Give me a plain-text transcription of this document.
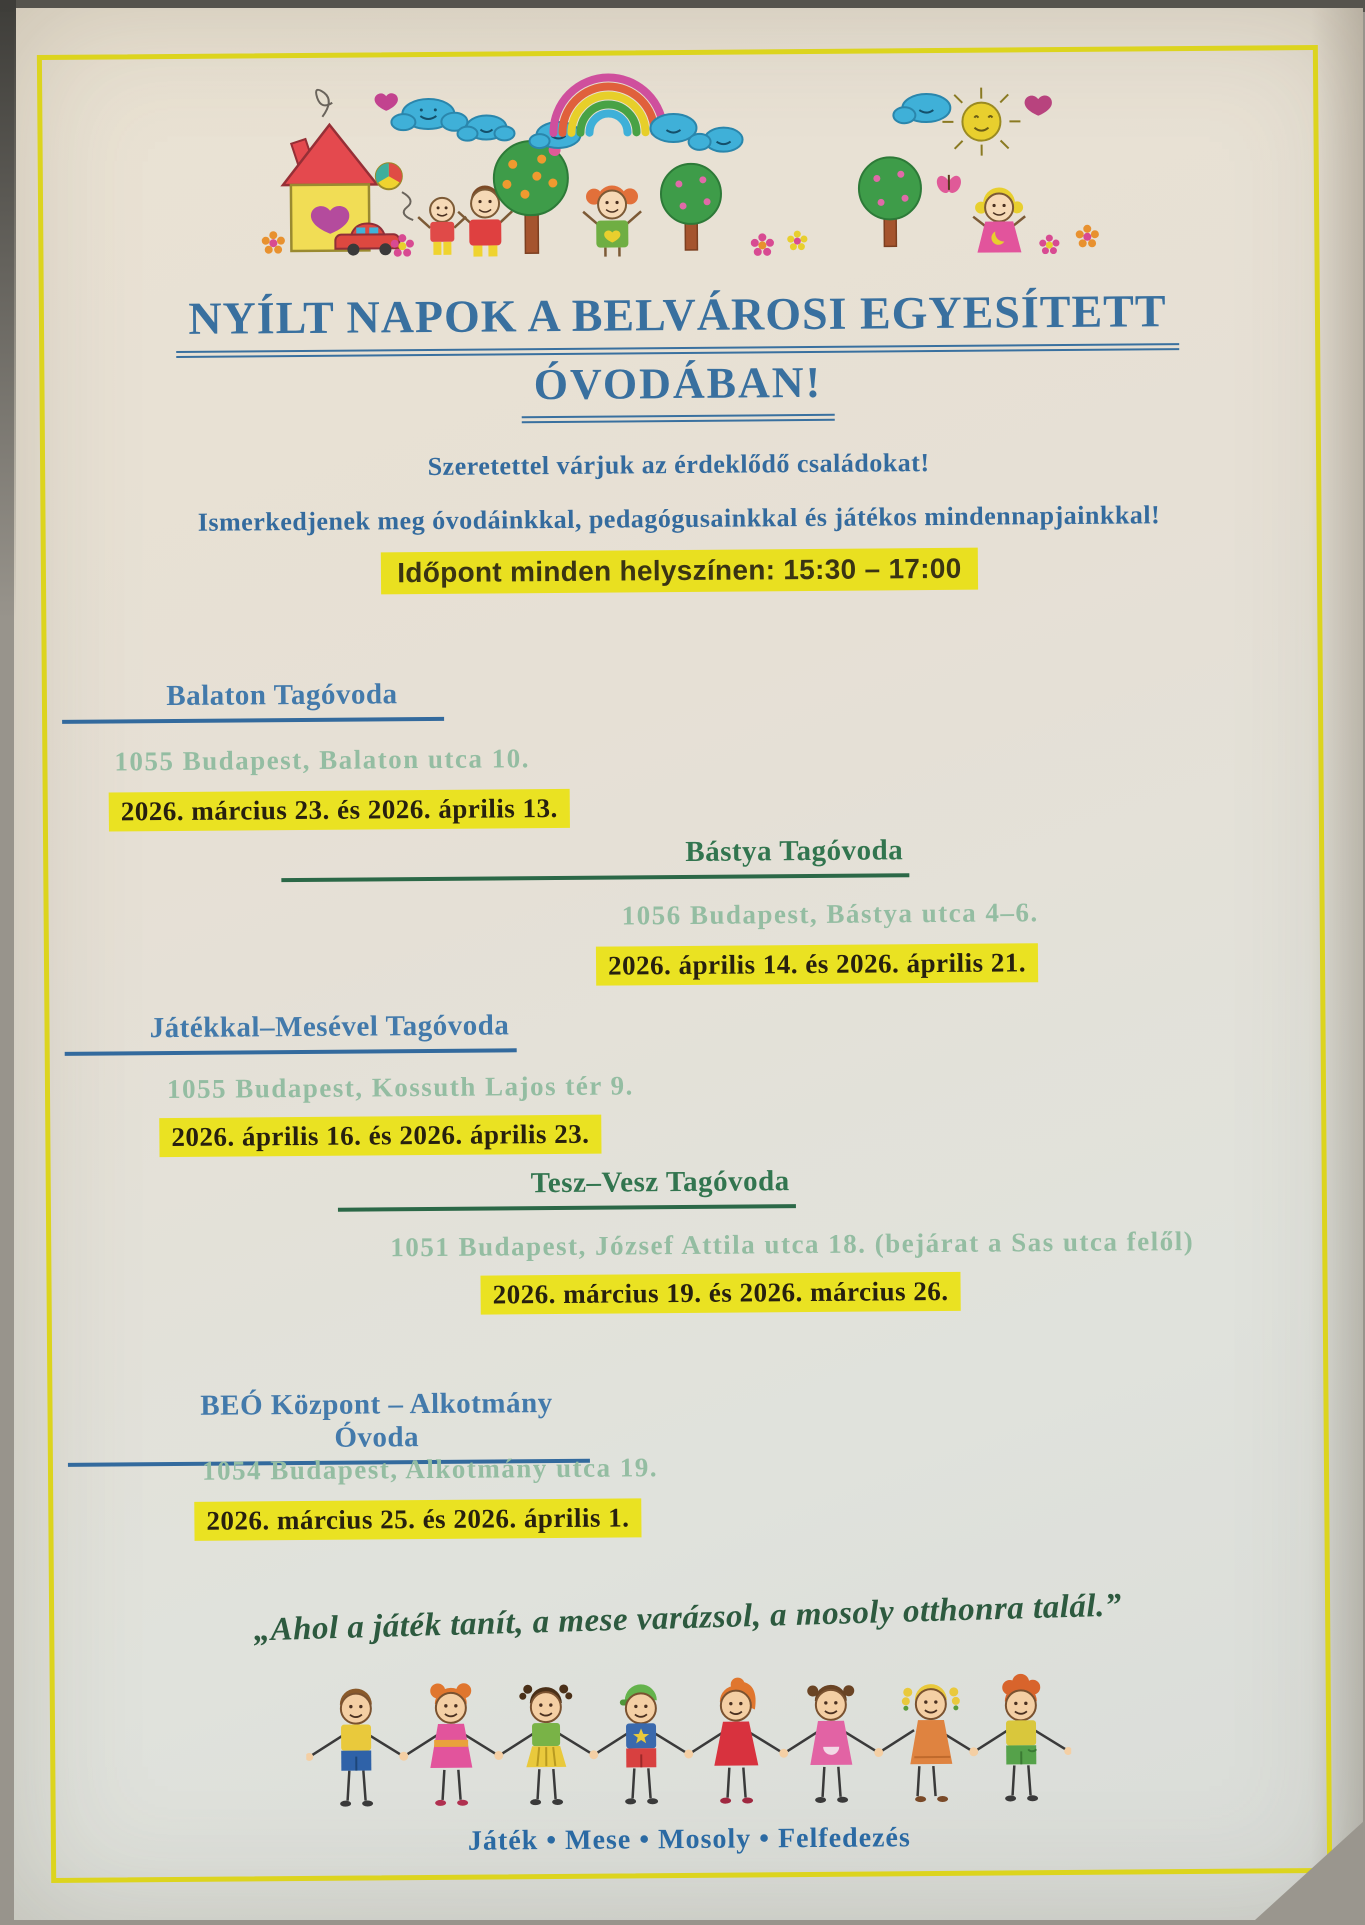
NYÍLT NAPOK A BELVÁROSI EGYESÍTETT
ÓVODÁBAN!
Szeretettel várjuk az érdeklődő családokat!
Ismerkedjenek meg óvodáinkkal, pedagógusainkkal és játékos mindennapjainkkal!
Időpont minden helyszínen: 15:30 – 17:00
Balaton Tagóvoda
1055 Budapest, Balaton utca 10.
2026. március 23. és 2026. április 13.
Bástya Tagóvoda
1056 Budapest, Bástya utca 4–6.
2026. április 14. és 2026. április 21.
Játékkal–Mesével Tagóvoda
1055 Budapest, Kossuth Lajos tér 9.
2026. április 16. és 2026. április 23.
Tesz–Vesz Tagóvoda
1051 Budapest, József Attila utca 18. (bejárat a Sas utca felől)
2026. március 19. és 2026. március 26.
BEÓ Központ – Alkotmány Óvoda
1054 Budapest, Alkotmány utca 19.
2026. március 25. és 2026. április 1.
„Ahol a játék tanít, a mese varázsol, a mosoly otthonra talál.”
Játék • Mese • Mosoly • Felfedezés
